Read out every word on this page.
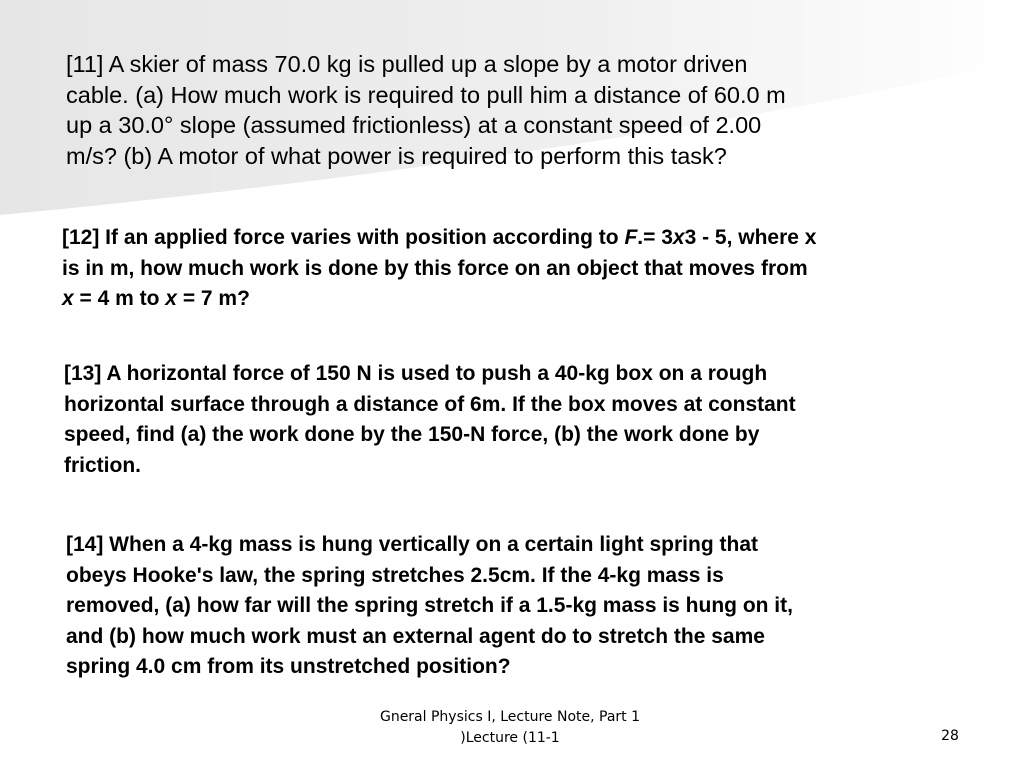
[11] A skier of mass 70.0 kg is pulled up a slope by a motor driven
cable. (a) How much work is required to pull him a distance of 60.0 m
up a 30.0° slope (assumed frictionless) at a constant speed of 2.00
m/s? (b) A motor of what power is required to perform this task?

[12] If an applied force varies with position according to F.= 3x3 - 5, where x
is in m, how much work is done by this force on an object that moves from
x = 4 m to x = 7 m?

[13] A horizontal force of 150 N is used to push a 40-kg box on a rough
horizontal surface through a distance of 6m. If the box moves at constant
speed, find (a) the work done by the 150-N force, (b) the work done by
friction.

[14] When a 4-kg mass is hung vertically on a certain light spring that
obeys Hooke's law, the spring stretches 2.5cm. If the 4-kg mass is
removed, (a) how far will the spring stretch if a 1.5-kg mass is hung on it,
and (b) how much work must an external agent do to stretch the same
spring 4.0 cm from its unstretched position?

Gneral Physics I, Lecture Note, Part 1
)Lecture (11-1	28
